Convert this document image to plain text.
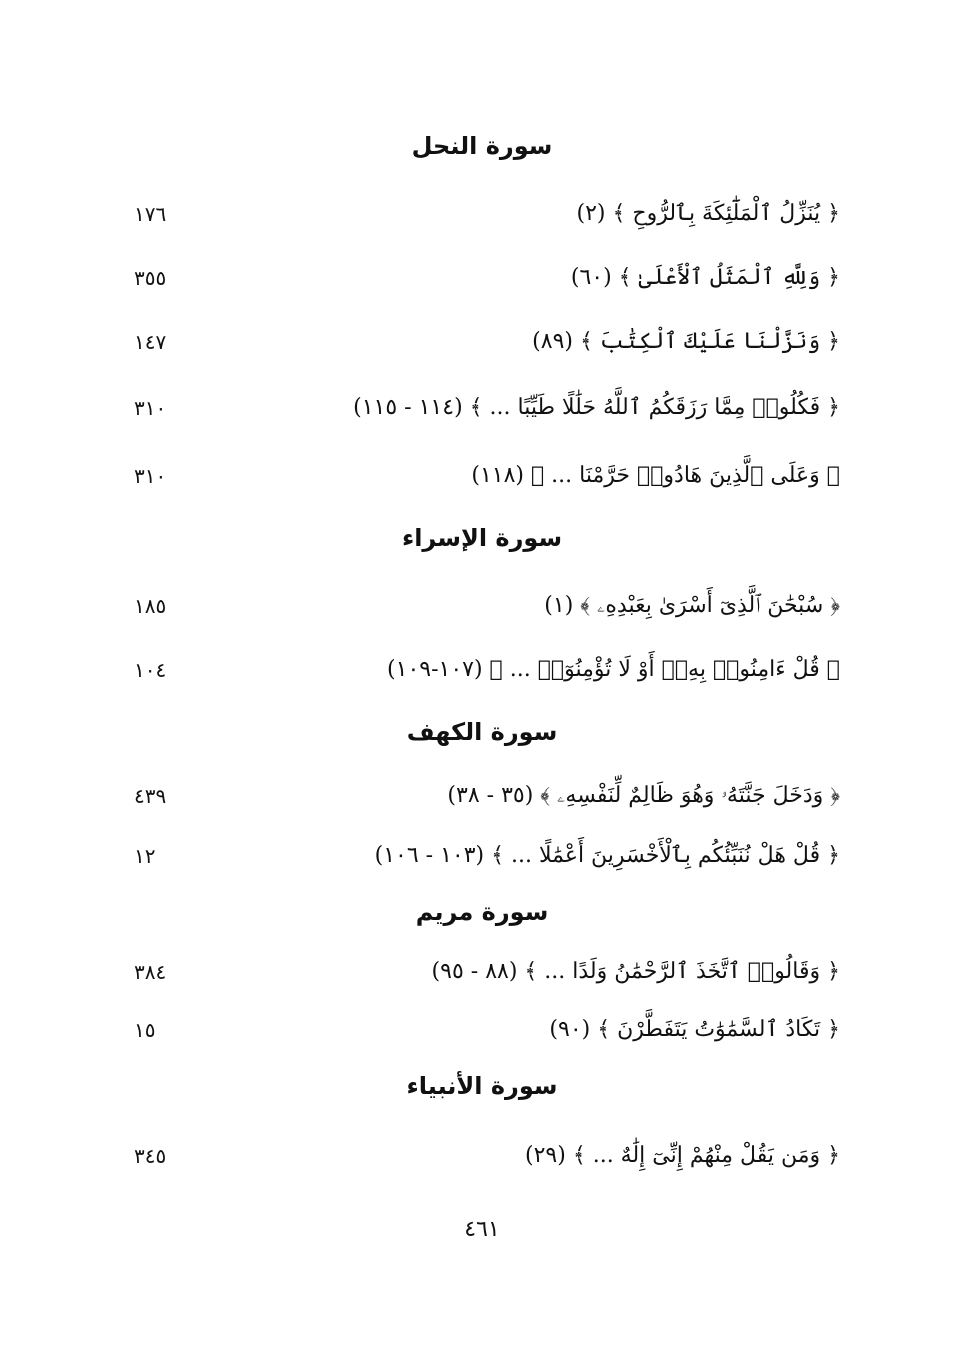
سورة النحل
﴿ يُنَزِّلُ ٱلْمَلَٰٓئِكَةَ بِٱلرُّوحِ ﴾ (٢)
١٧٦
﴿ وَلِلَّهِ ٱلْمَثَلُ ٱلْأَعْلَىٰ ﴾ (٦٠)
٣٥٥
﴿ وَنَزَّلْنَا عَلَيْكَ ٱلْكِتَٰبَ ﴾ (٨٩)
١٤٧
﴿ فَكُلُوا۟ مِمَّا رَزَقَكُمُ ٱللَّهُ حَلَٰلًا طَيِّبًا ... ﴾ (١١٤ - ١١٥)
٣١٠
﴿ وَعَلَى ٱلَّذِينَ هَادُوا۟ حَرَّمْنَا ... ﴾ (١١٨)
٣١٠
سورة الإسراء
﴿ سُبْحَٰنَ ٱلَّذِىٓ أَسْرَىٰ بِعَبْدِهِۦ ﴾ (١)
١٨٥
﴿ قُلْ ءَامِنُوا۟ بِهِۦٓ أَوْ لَا تُؤْمِنُوٓا۟ ... ﴾ (١٠٧-١٠٩)
١٠٤
سورة الكهف
﴿ وَدَخَلَ جَنَّتَهُۥ وَهُوَ ظَالِمٌ لِّنَفْسِهِۦ ﴾ (٣٥ - ٣٨)
٤٣٩
﴿ قُلْ هَلْ نُنَبِّئُكُم بِٱلْأَخْسَرِينَ أَعْمَٰلًا ... ﴾ (١٠٣ - ١٠٦)
١٢
سورة مريم
﴿ وَقَالُوا۟ ٱتَّخَذَ ٱلرَّحْمَٰنُ وَلَدًا ... ﴾ (٨٨ - ٩٥)
٣٨٤
﴿ تَكَادُ ٱلسَّمَٰوَٰتُ يَتَفَطَّرْنَ ﴾ (٩٠)
١٥
سورة الأنبياء
﴿ وَمَن يَقُلْ مِنْهُمْ إِنِّىٓ إِلَٰهٌ ... ﴾ (٢٩)
٣٤٥
٤٦١
